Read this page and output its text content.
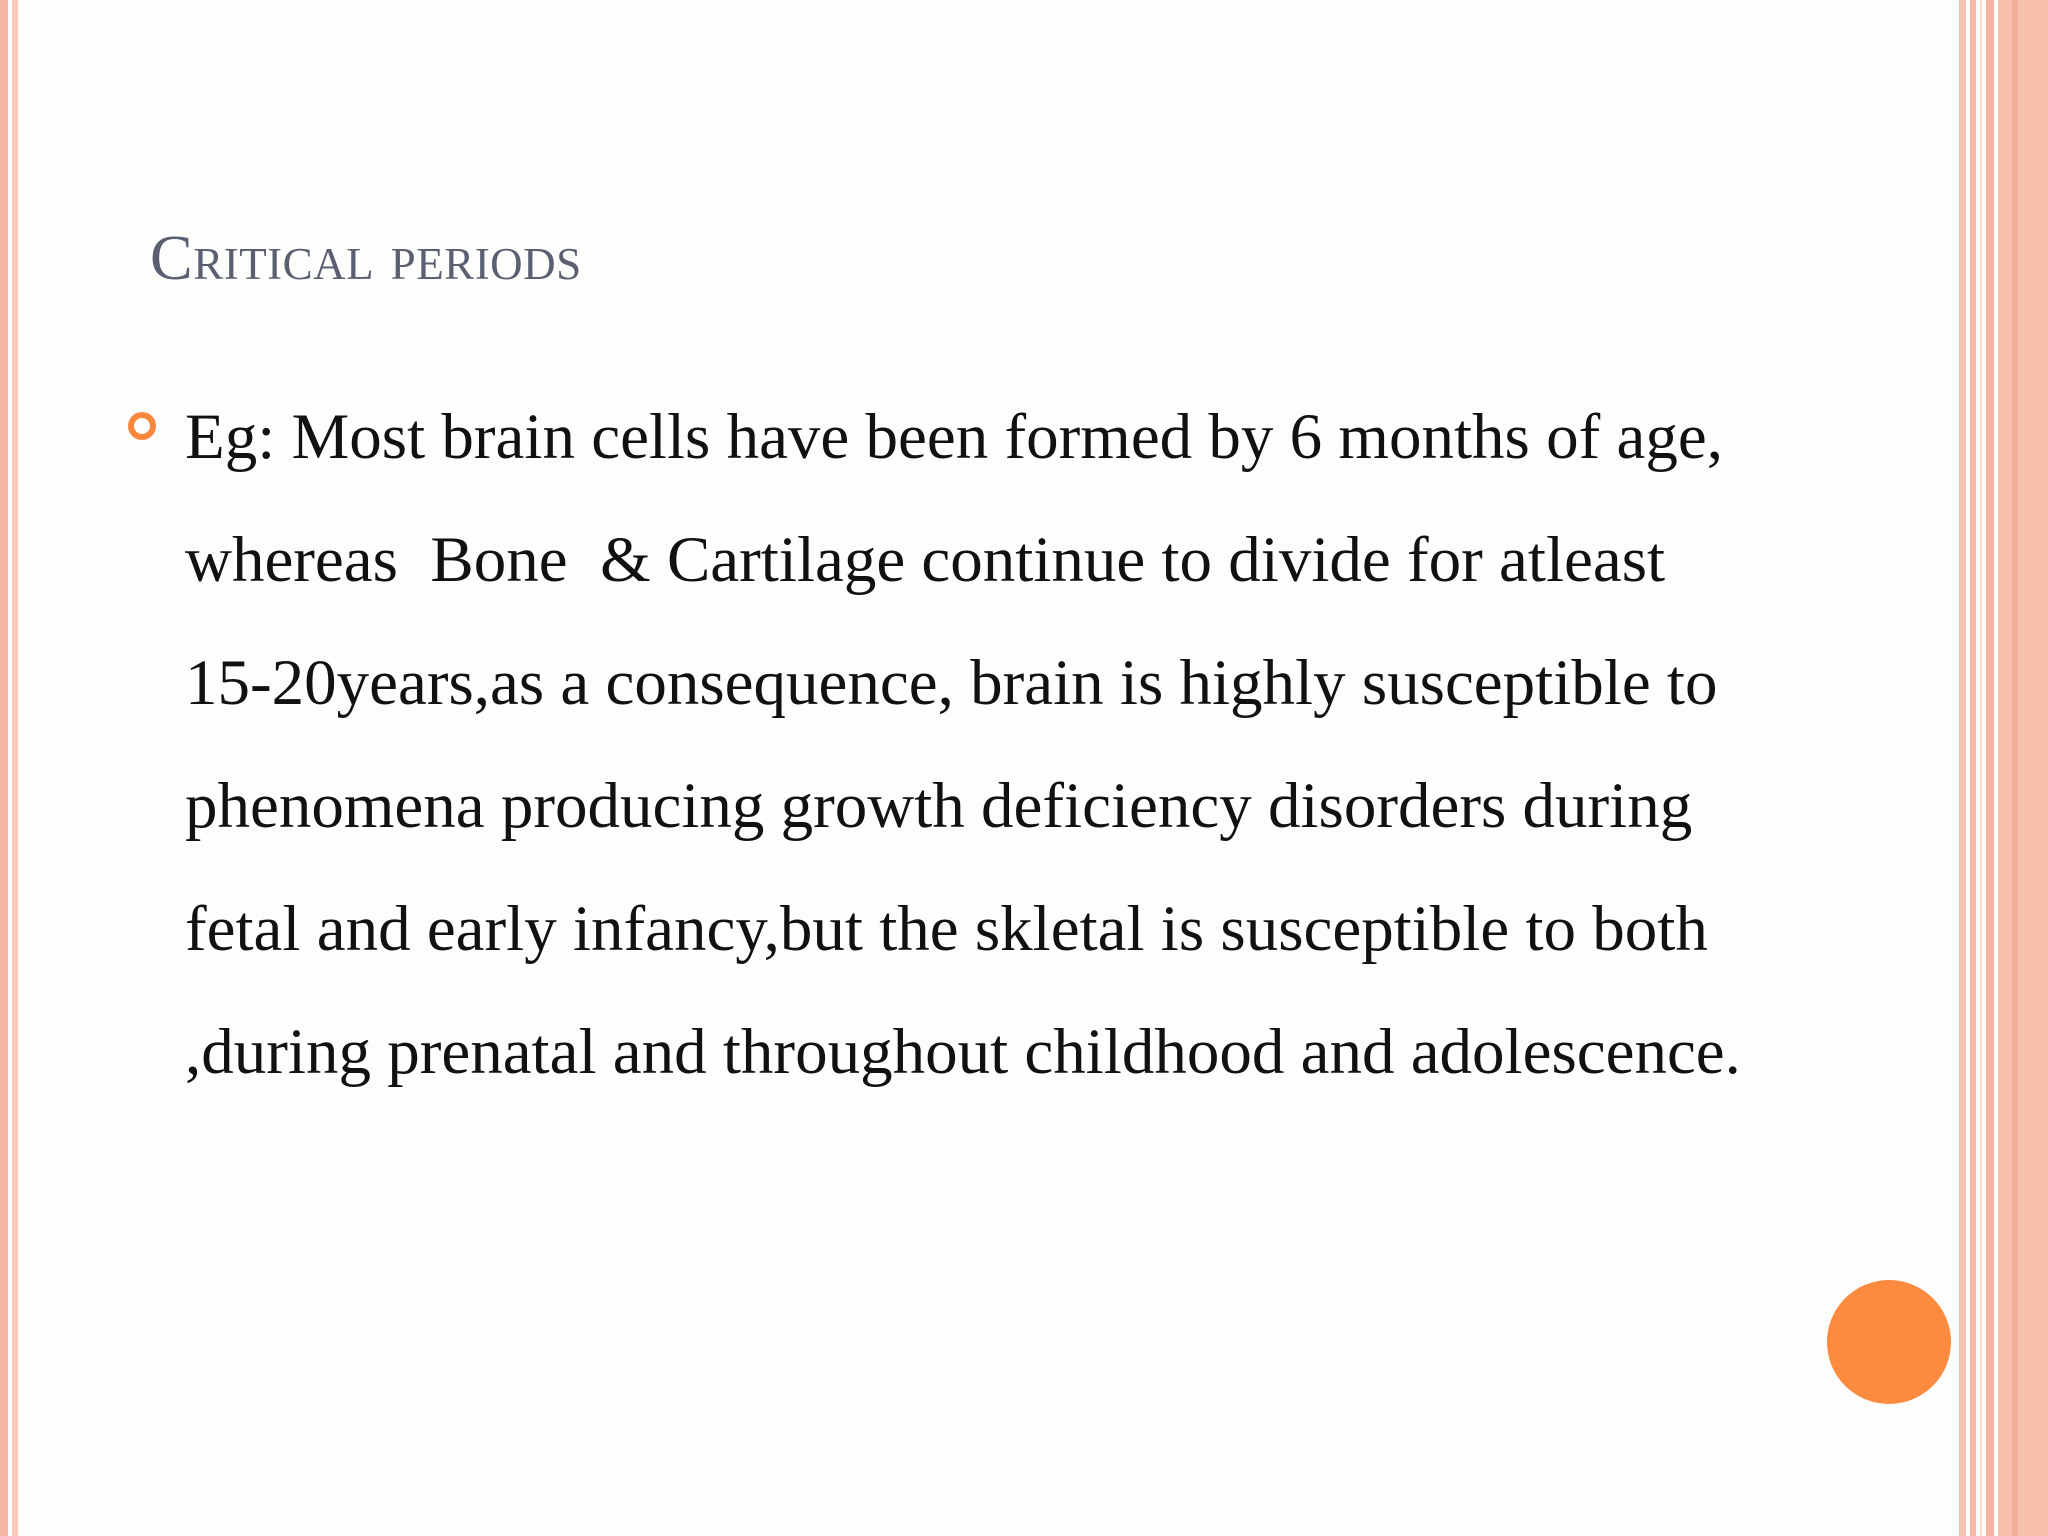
Critical periods
Eg: Most brain cells have been formed by 6 months of age, whereas  Bone  & Cartilage continue to divide for atleast 15-20years,as a consequence, brain is highly susceptible to phenomena producing growth deficiency disorders during fetal and early infancy,but the skletal is susceptible to both ,during prenatal and throughout childhood and adolescence.
